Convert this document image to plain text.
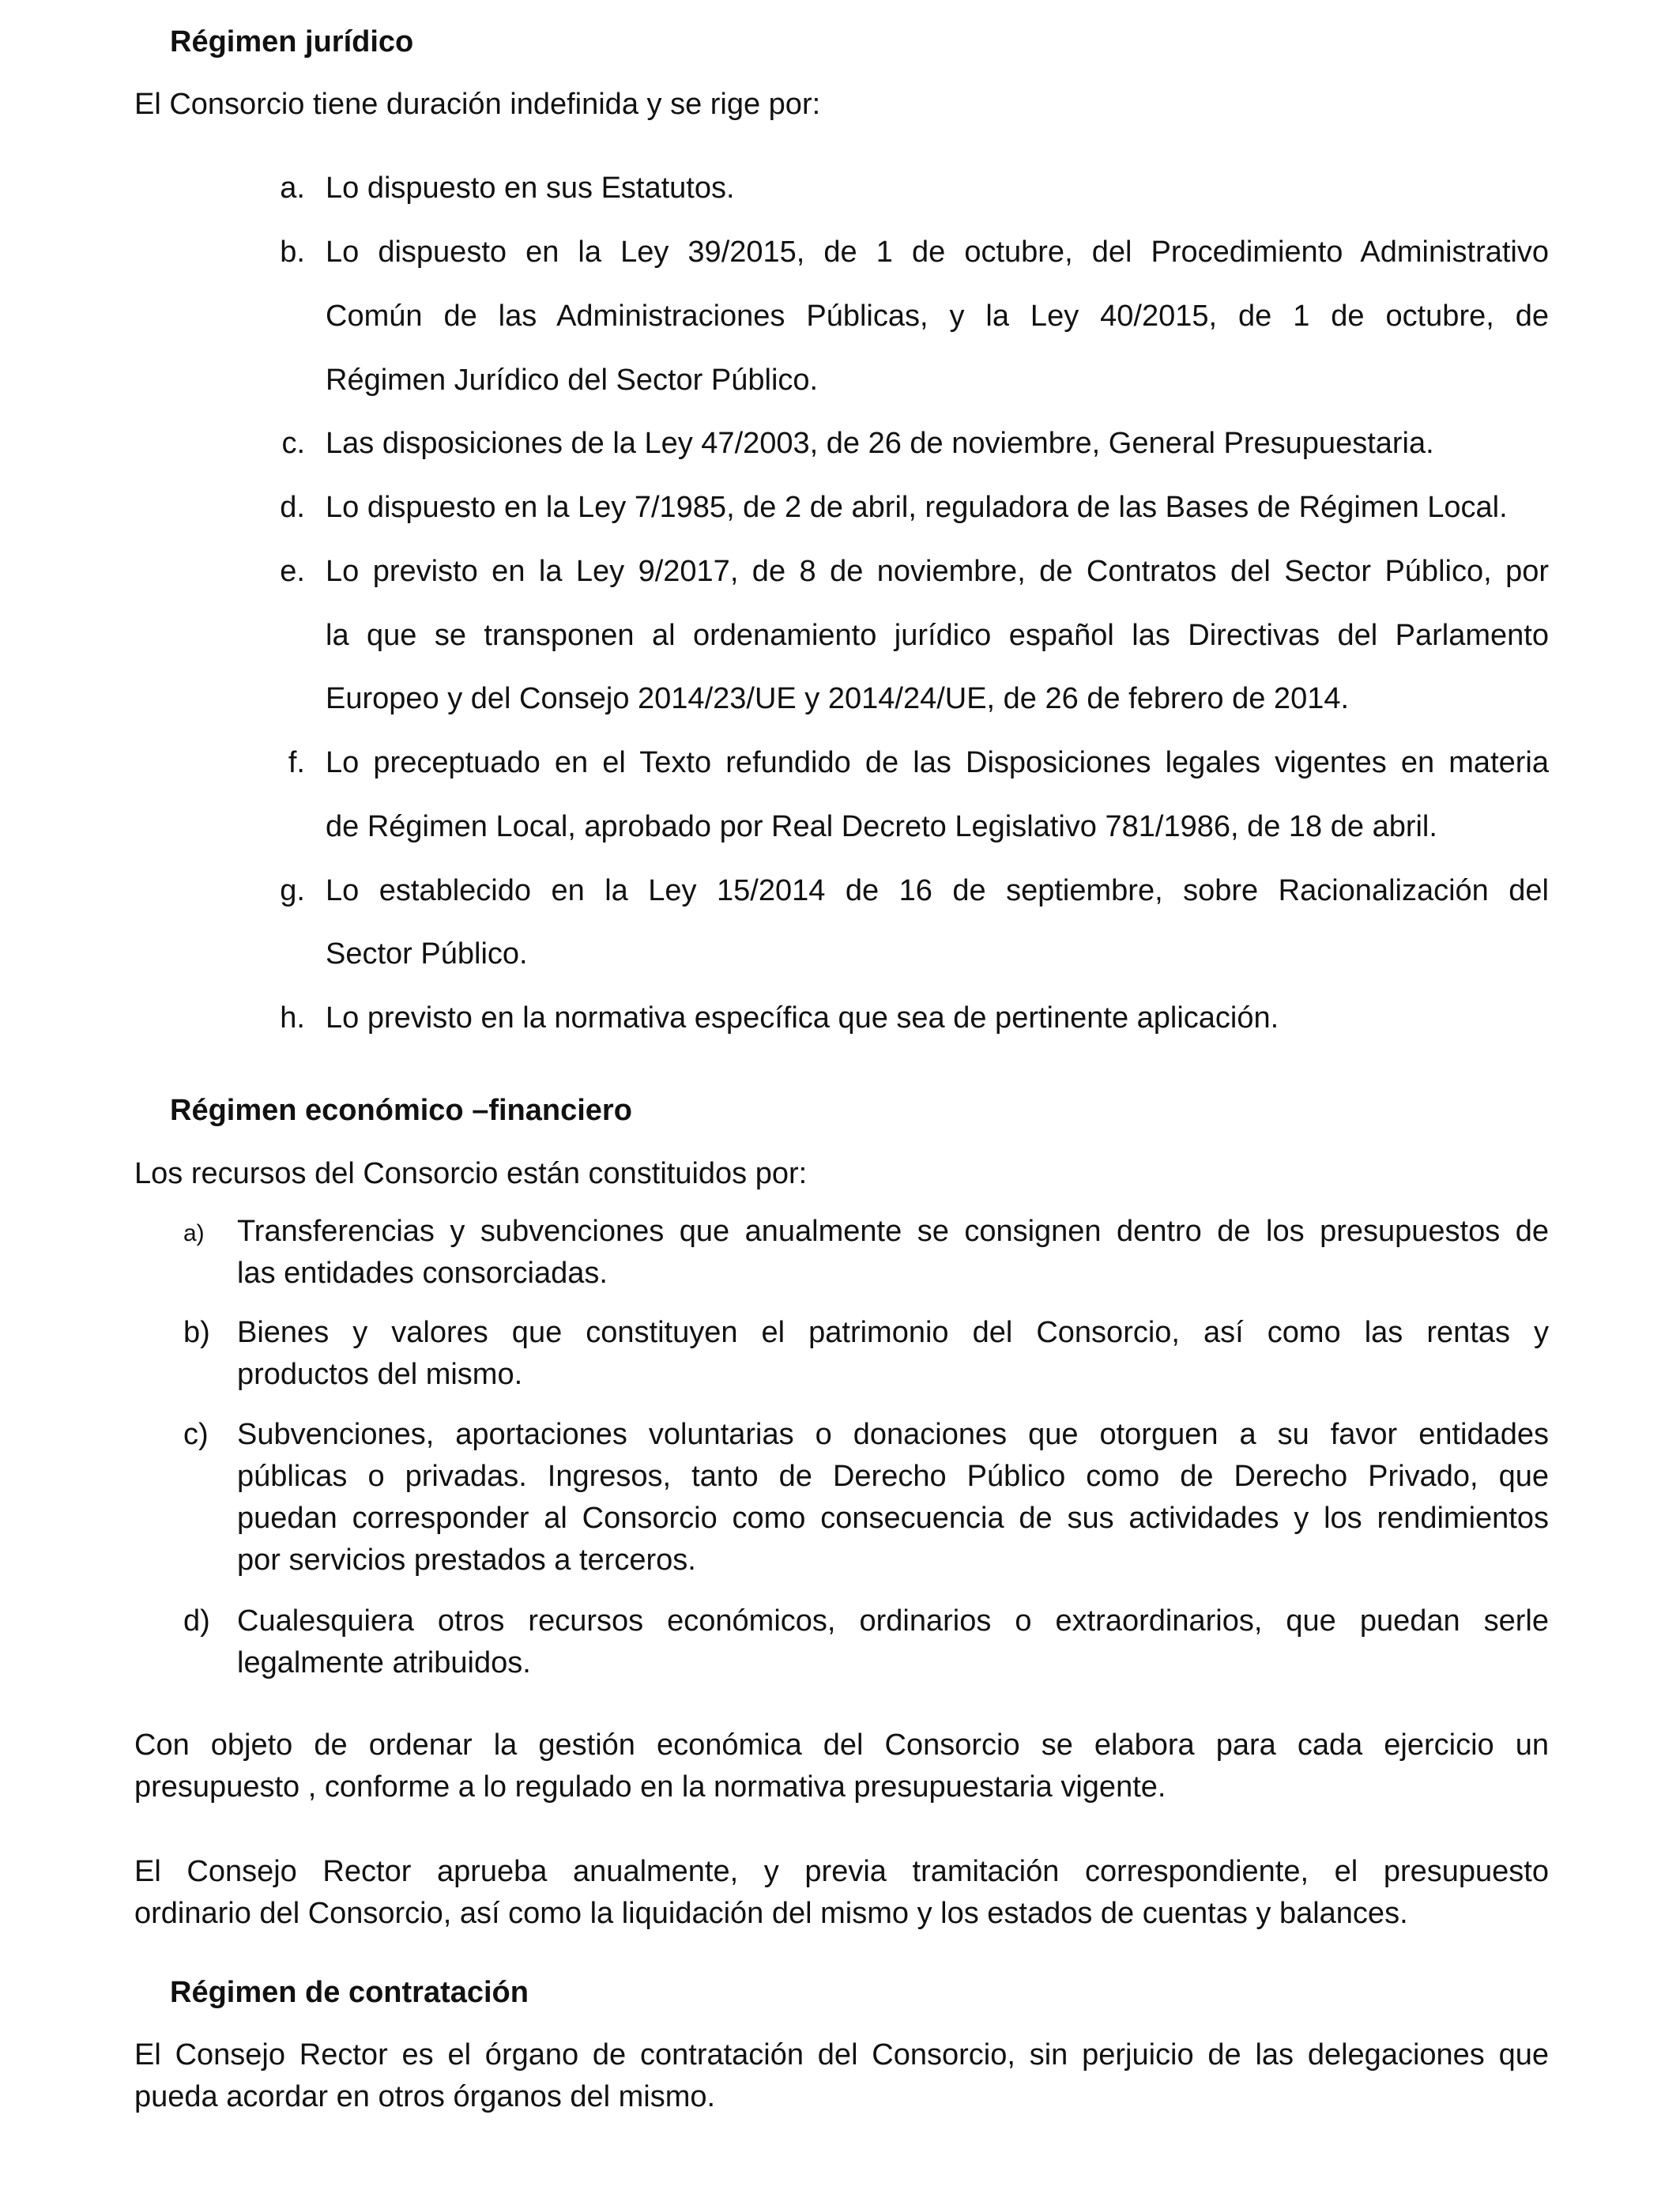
Régimen jurídico
El Consorcio tiene duración indefinida y se rige por:
a. Lo dispuesto en sus Estatutos.
b. Lo dispuesto en la Ley 39/2015, de 1 de octubre, del Procedimiento Administrativo
Común de las Administraciones Públicas, y la Ley 40/2015, de 1 de octubre, de
Régimen Jurídico del Sector Público.
c. Las disposiciones de la Ley 47/2003, de 26 de noviembre, General Presupuestaria.
d. Lo dispuesto en la Ley 7/1985, de 2 de abril, reguladora de las Bases de Régimen Local.
e. Lo previsto en la Ley 9/2017, de 8 de noviembre, de Contratos del Sector Público, por
la que se transponen al ordenamiento jurídico español las Directivas del Parlamento
Europeo y del Consejo 2014/23/UE y 2014/24/UE, de 26 de febrero de 2014.
f. Lo preceptuado en el Texto refundido de las Disposiciones legales vigentes en materia
de Régimen Local, aprobado por Real Decreto Legislativo 781/1986, de 18 de abril.
g. Lo establecido en la Ley 15/2014 de 16 de septiembre, sobre Racionalización del
Sector Público.
h. Lo previsto en la normativa específica que sea de pertinente aplicación.
Régimen económico –financiero
Los recursos del Consorcio están constituidos por:
a)	Transferencias y subvenciones que anualmente se consignen dentro de los presupuestos de
las entidades consorciadas.
b) Bienes y valores que constituyen el patrimonio del Consorcio, así como las rentas y
productos del mismo.
c) Subvenciones, aportaciones voluntarias o donaciones que otorguen a su favor entidades
públicas o privadas. Ingresos, tanto de Derecho Público como de Derecho Privado, que
puedan corresponder al Consorcio como consecuencia de sus actividades y los rendimientos
por servicios prestados a terceros.
d) Cualesquiera otros recursos económicos, ordinarios o extraordinarios, que puedan serle
legalmente atribuidos.
Con objeto de ordenar la gestión económica del Consorcio se elabora para cada ejercicio un
presupuesto , conforme a lo regulado en la normativa presupuestaria vigente.
El Consejo Rector aprueba anualmente, y previa tramitación correspondiente, el presupuesto
ordinario del Consorcio, así como la liquidación del mismo y los estados de cuentas y balances.
Régimen de contratación
El Consejo Rector es el órgano de contratación del Consorcio, sin perjuicio de las delegaciones que
pueda acordar en otros órganos del mismo.
